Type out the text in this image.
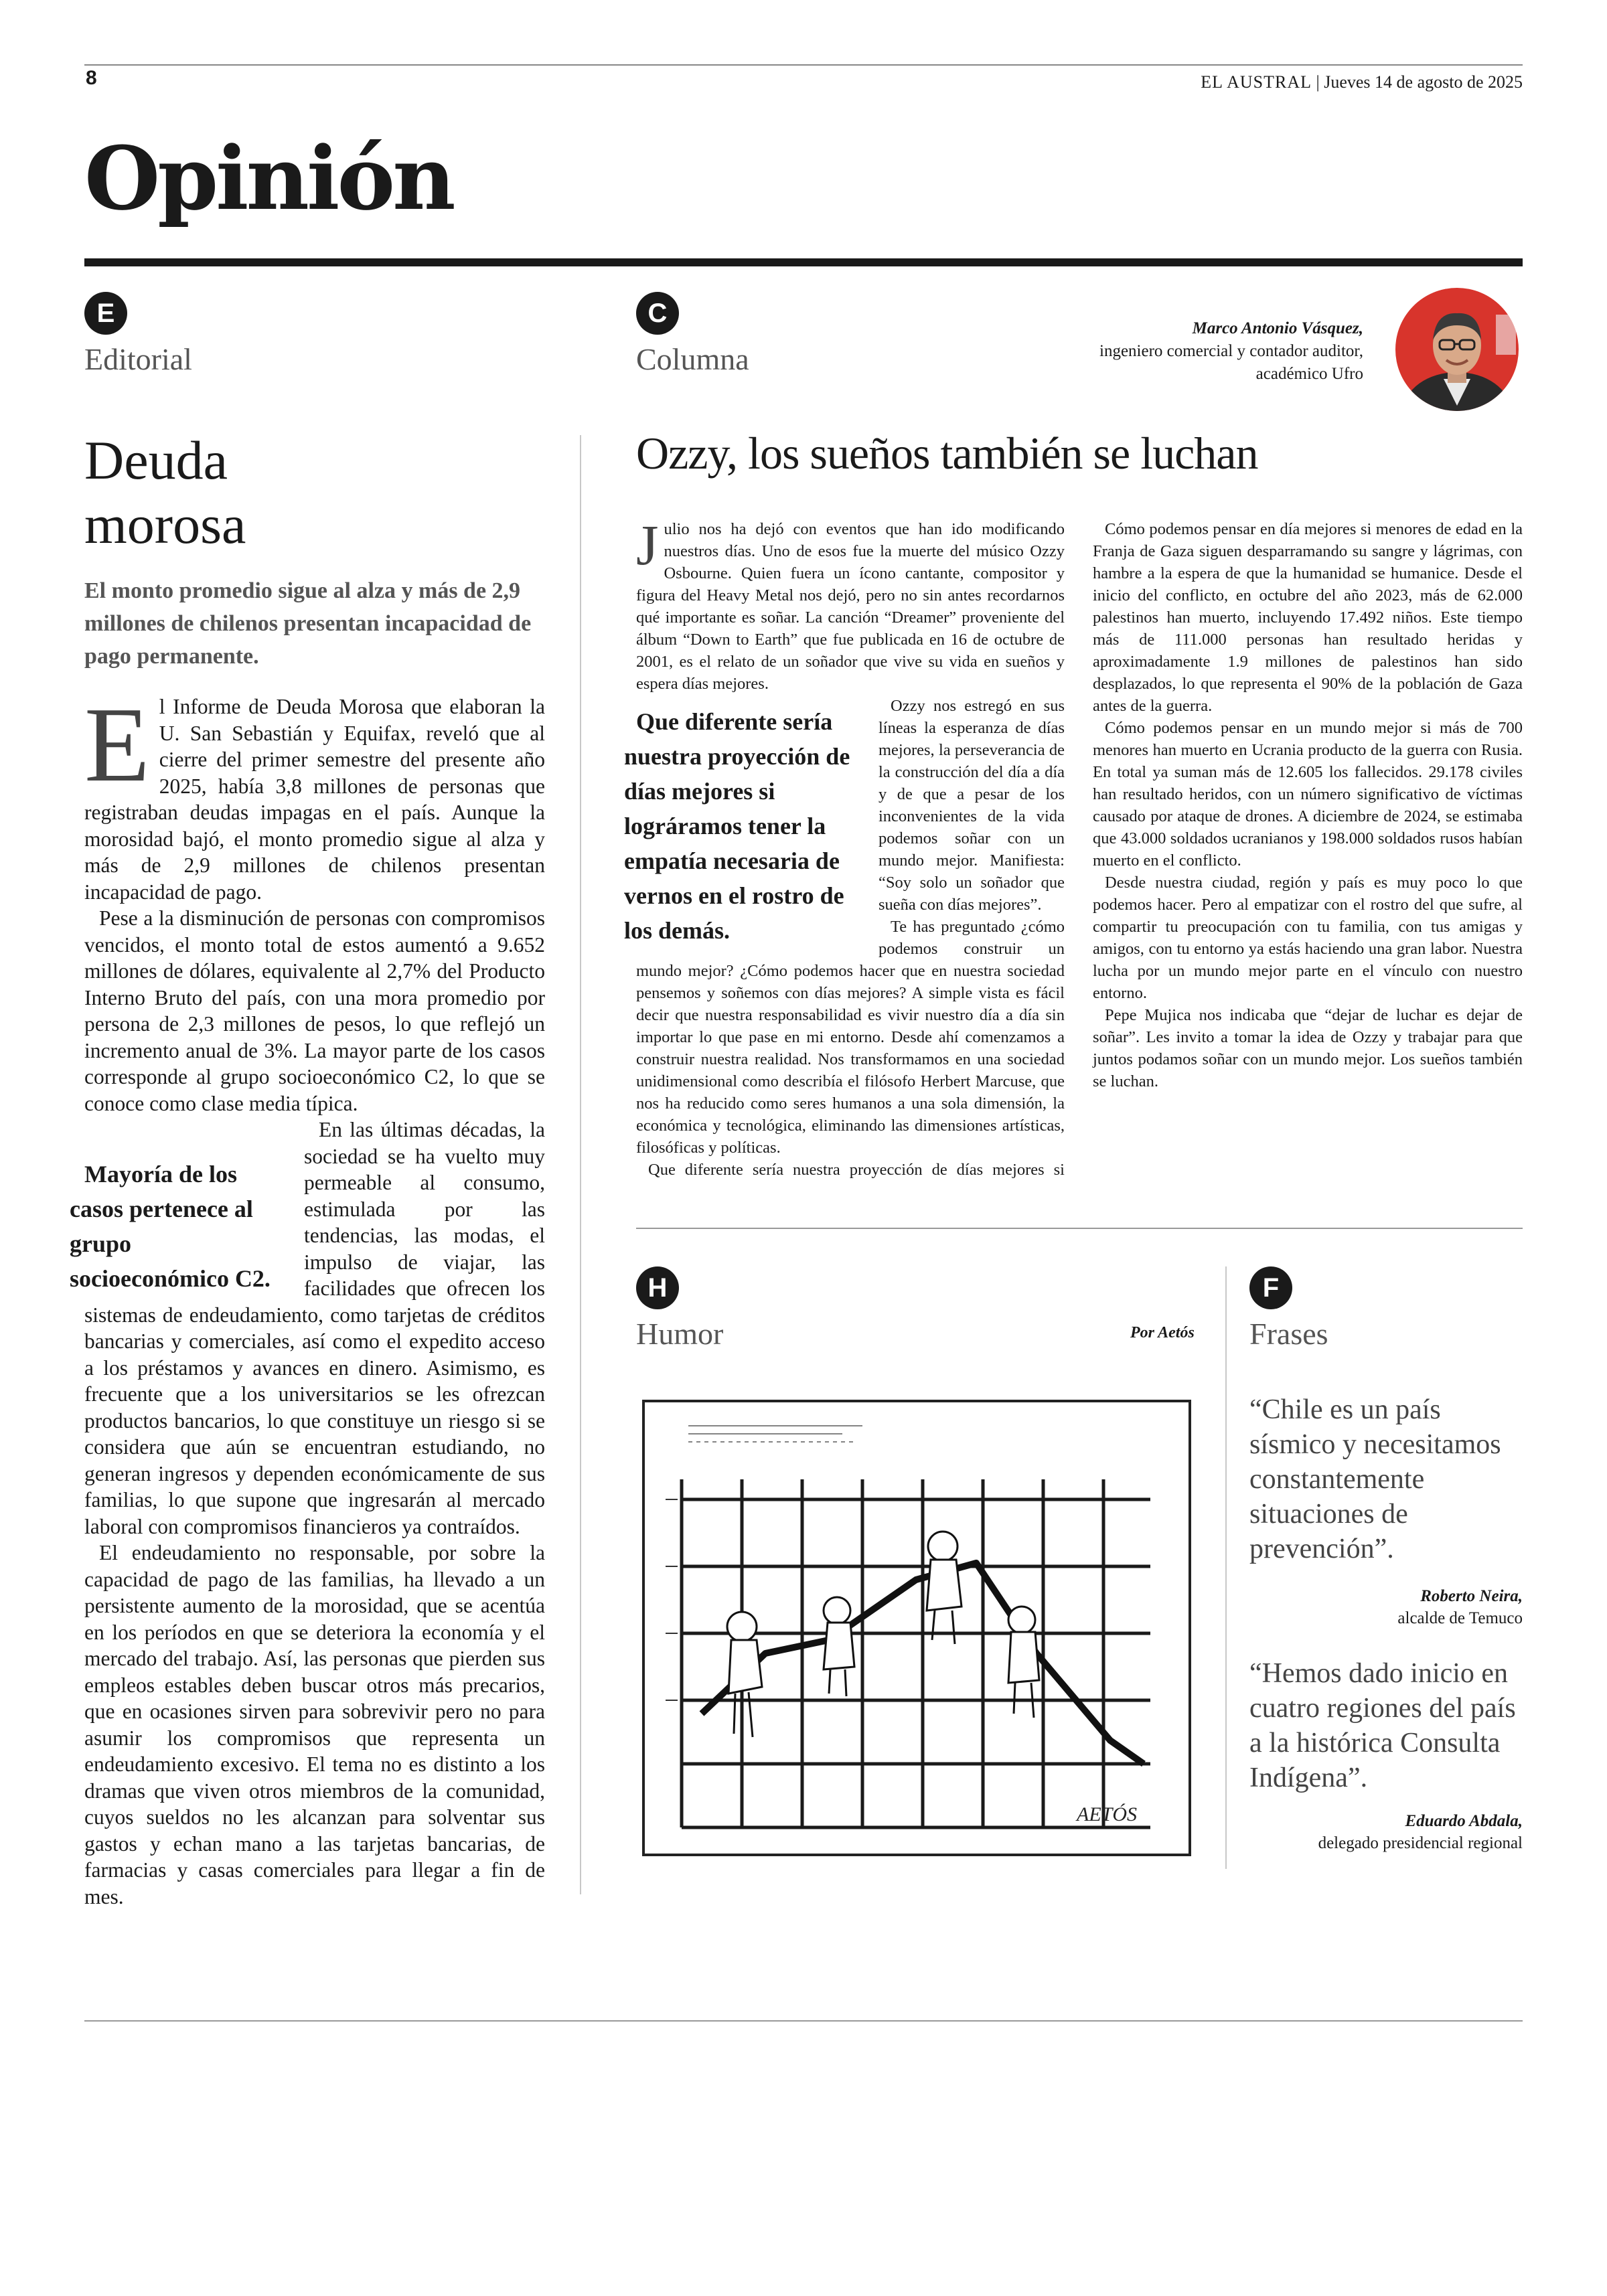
8	EL AUSTRAL | Jueves 14 de agosto de 2025
Opinión
E
Editorial
Deuda
morosa
El monto promedio sigue al alza y más de 2,9 millones de chilenos presentan incapacidad de pago permanente.

El Informe de Deuda Morosa que elaboran la U. San Sebastián y Equifax, reveló que al cierre del primer semestre del presente año 2025, había 3,8 millones de personas que registraban deudas impagas en el país. Aunque la morosidad bajó, el monto promedio sigue al alza y más de 2,9 millones de chilenos presentan incapacidad de pago.

Pese a la disminución de personas con compromisos vencidos, el monto total de estos aumentó a 9.652 millones de dólares, equivalente al 2,7% del Producto Interno Bruto del país, con una mora promedio por persona de 2,3 millones de pesos, lo que reflejó un incremento anual de 3%. La mayor parte de los casos corresponde al grupo socioeconómico C2, lo que se conoce como clase media típica.

Mayoría de los casos pertenece al grupo socioeconómico C2.
En las últimas décadas, la sociedad se ha vuelto muy permeable al consumo, estimulada por las tendencias, las modas, el impulso de viajar, las facilidades que ofrecen los sistemas de endeudamiento, como tarjetas de créditos bancarias y comerciales, así como el expedito acceso a los préstamos y avances en dinero. Asimismo, es frecuente que a los universitarios se les ofrezcan productos bancarios, lo que constituye un riesgo si se considera que aún se encuentran estudiando, no generan ingresos y dependen económicamente de sus familias, lo que supone que ingresarán al mercado laboral con compromisos financieros ya contraídos.

El endeudamiento no responsable, por sobre la capacidad de pago de las familias, ha llevado a un persistente aumento de la morosidad, que se acentúa en los períodos en que se deteriora la economía y el mercado del trabajo. Así, las personas que pierden sus empleos estables deben buscar otros más precarios, que en ocasiones sirven para sobrevivir pero no para asumir los compromisos que representa un endeudamiento excesivo. El tema no es distinto a los dramas que viven otros miembros de la comunidad, cuyos sueldos no les alcanzan para solventar sus gastos y echan mano a las tarjetas bancarias, de farmacias y casas comerciales para llegar a fin de mes.

C
Columna
Marco Antonio Vásquez,
ingeniero comercial y contador auditor,
académico Ufro
Ozzy, los sueños también se luchan

Julio nos ha dejó con eventos que han ido modificando nuestros días. Uno de esos fue la muerte del músico Ozzy Osbourne. Quien fuera un ícono cantante, compositor y figura del Heavy Metal nos dejó, pero no sin antes recordarnos qué importante es soñar. La canción “Dreamer” proveniente del álbum “Down to Earth” que fue publicada en 16 de octubre de 2001, es el relato de un soñador que vive su vida en sueños y espera días mejores.

Que diferente sería nuestra proyección de días mejores si lográramos tener la empatía necesaria de vernos en el rostro de los demás.
Ozzy nos estregó en sus líneas la esperanza de días mejores, la perseverancia de la construcción del día a día y de que a pesar de los inconvenientes de la vida podemos soñar con un mundo mejor. Manifiesta: “Soy solo un soñador que sueña con días mejores”.

Te has preguntado ¿cómo podemos construir un mundo mejor? ¿Cómo podemos hacer que en nuestra sociedad pensemos y soñemos con días mejores? A simple vista es fácil decir que nuestra responsabilidad es vivir nuestro día a día sin importar lo que pase en mi entorno. Desde ahí comenzamos a construir nuestra realidad. Nos transformamos en una sociedad unidimensional como describía el filósofo Herbert Marcuse, que nos ha reducido como seres humanos a una sola dimensión, la económica y tecnológica, eliminando las dimensiones artísticas, filosóficas y políticas.

Que diferente sería nuestra proyección de días mejores si

Cómo podemos pensar en día mejores si menores de edad en la Franja de Gaza siguen desparramando su sangre y lágrimas, con hambre a la espera de que la humanidad se humanice. Desde el inicio del conflicto, en octubre del año 2023, más de 62.000 palestinos han muerto, incluyendo 17.492 niños. Este tiempo más de 111.000 personas han resultado heridas y aproximadamente 1.9 millones de palestinos han sido desplazados, lo que representa el 90% de la población de Gaza antes de la guerra.

Cómo podemos pensar en un mundo mejor si más de 700 menores han muerto en Ucrania producto de la guerra con Rusia. En total ya suman más de 12.605 los fallecidos. 29.178 civiles han resultado heridos, con un número significativo de víctimas causado por ataque de drones. A diciembre de 2024, se estimaba que 43.000 soldados ucranianos y 198.000 soldados rusos habían muerto en el conflicto.

Desde nuestra ciudad, región y país es muy poco lo que podemos hacer. Pero al empatizar con el rostro del que sufre, al compartir tu preocupación con tu familia, con tus amigas y amigos, con tu entorno ya estás haciendo una gran labor. Nuestra lucha por un mundo mejor parte en el vínculo con nuestro entorno.

Pepe Mujica nos indicaba que “dejar de luchar es dejar de soñar”. Les invito a tomar la idea de Ozzy y trabajar para que juntos podamos soñar con un mundo mejor. Los sueños también se luchan.

H
Humor	Por Aetós
AETÓS
F
Frases
“Chile es un país sísmico y necesitamos constantemente situaciones de prevención”.
Roberto Neira,
alcalde de Temuco
“Hemos dado inicio en cuatro regiones del país a la histórica Consulta Indígena”.
Eduardo Abdala,
delegado presidencial regional
